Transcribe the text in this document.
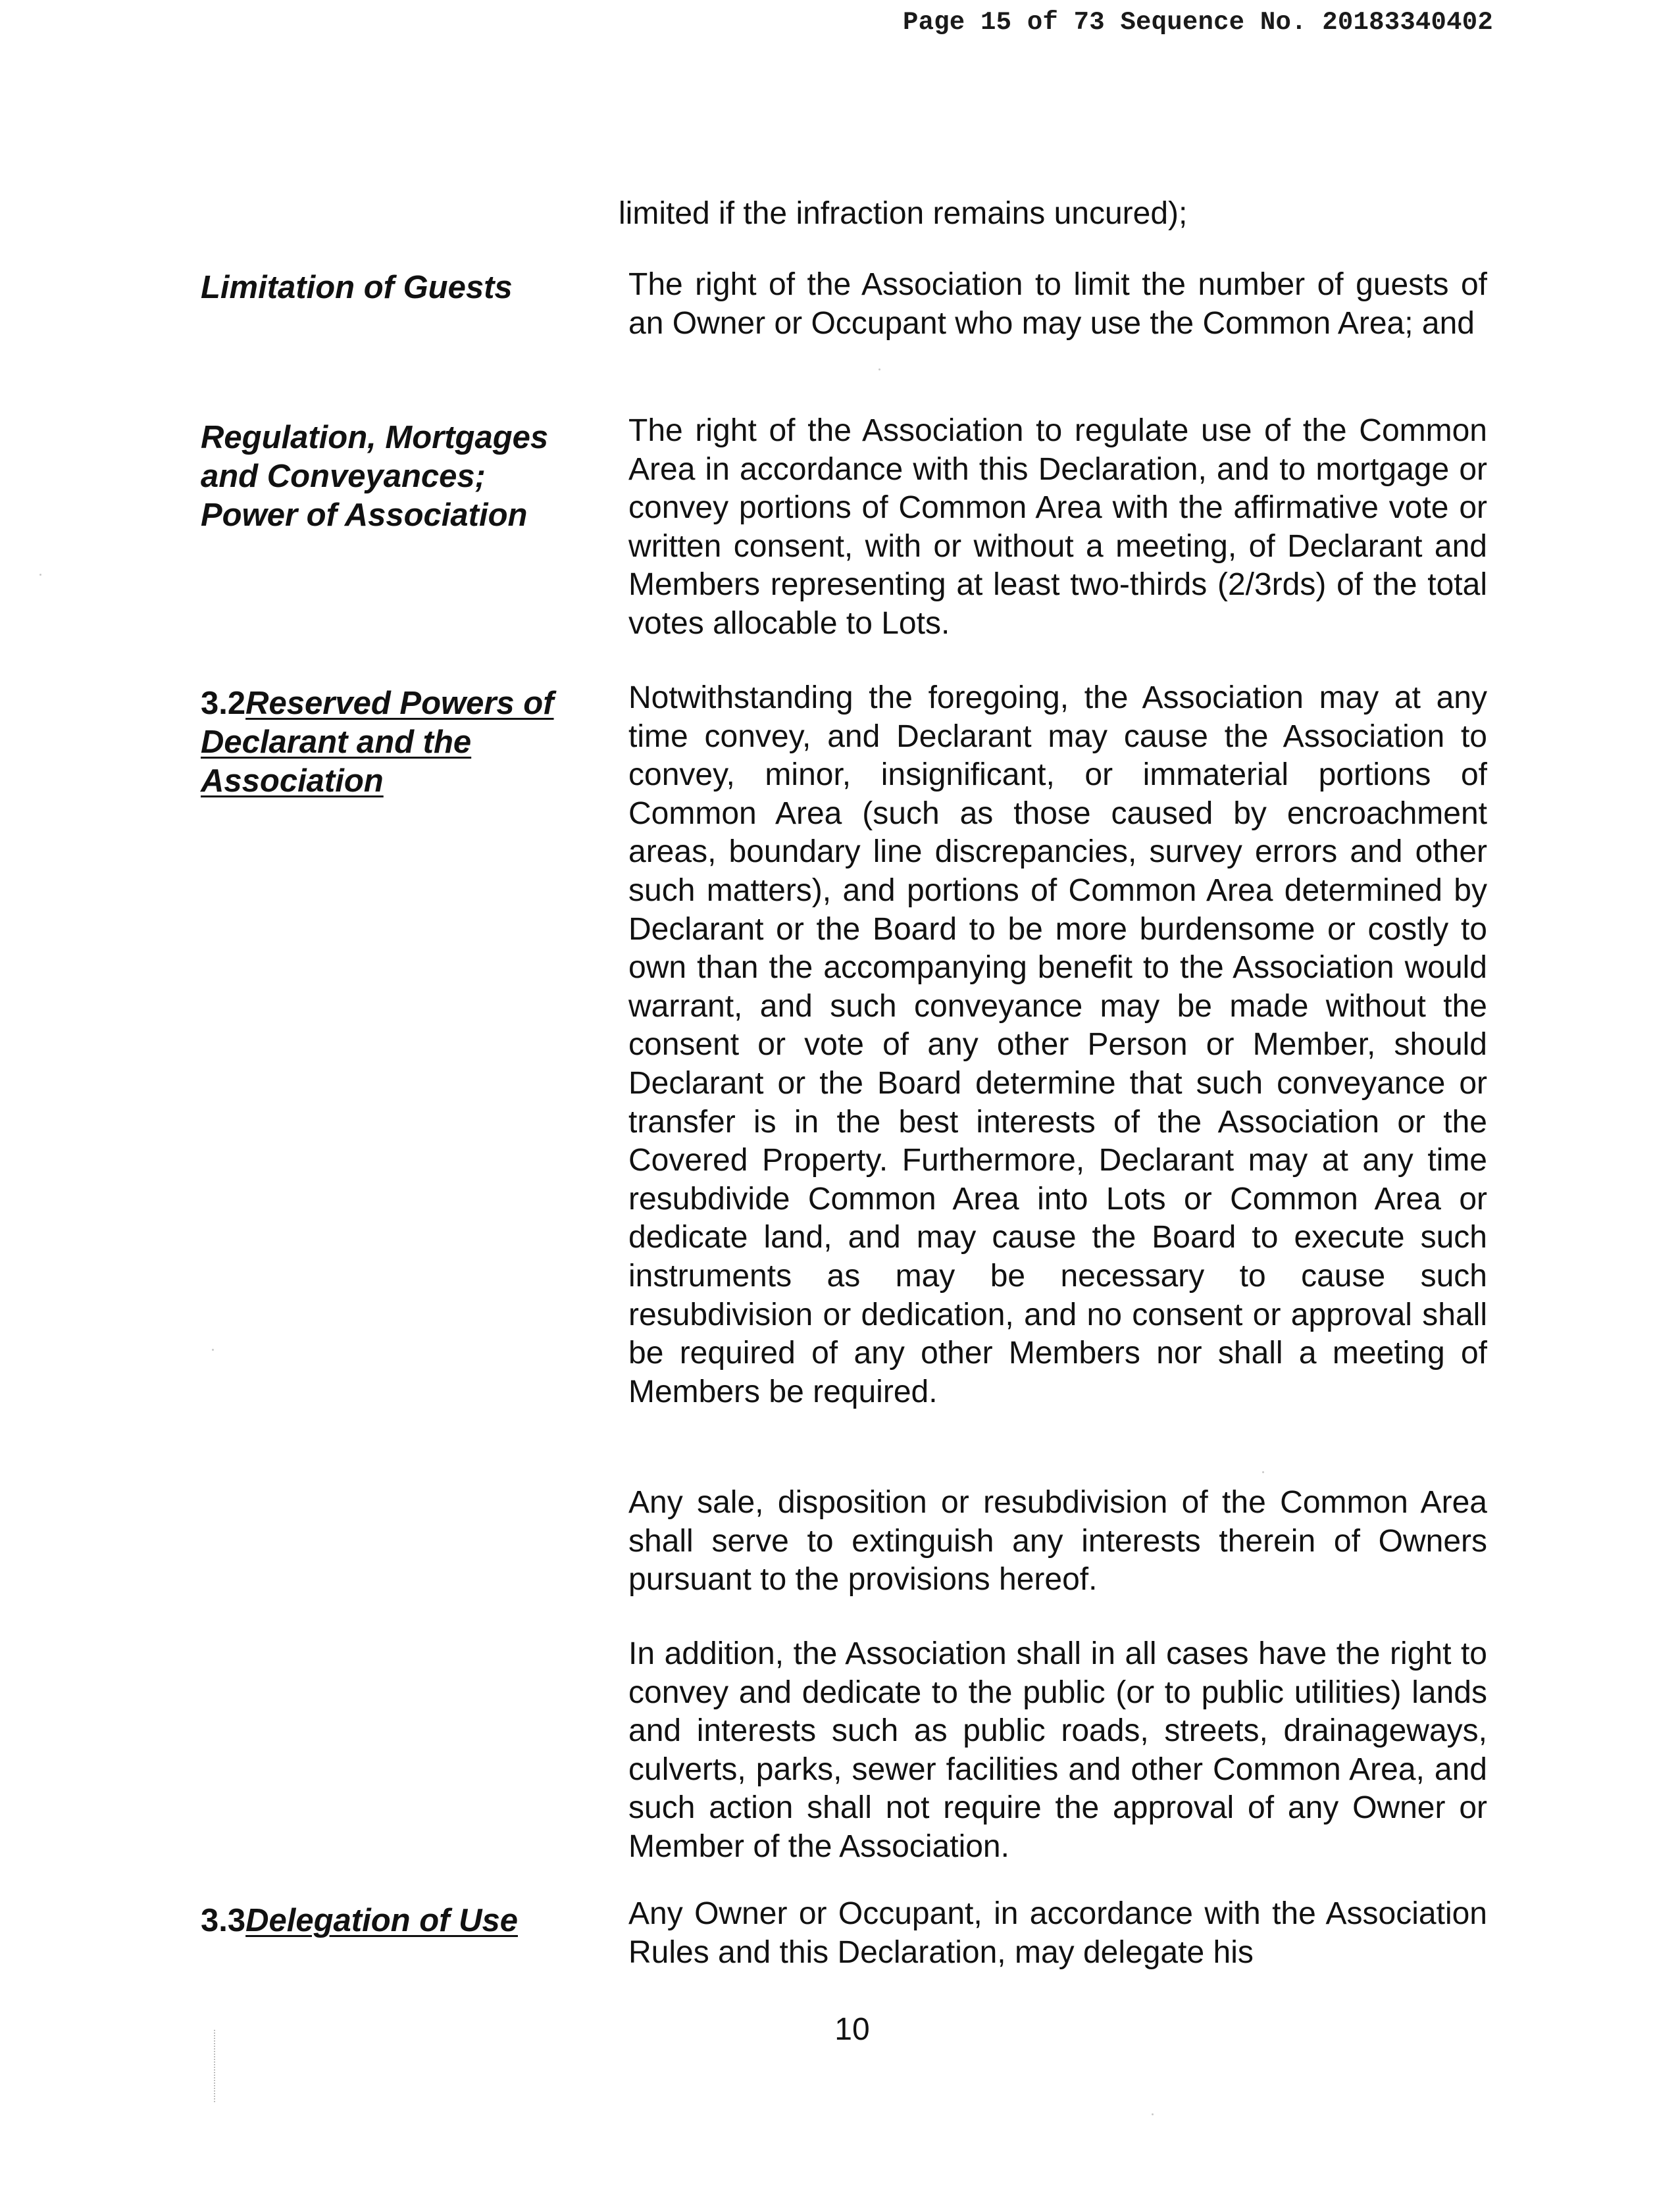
Page 15 of 73 Sequence No. 20183340402

limited if the infraction remains uncured);

Limitation of Guests	The right of the Association to limit the number of guests of an Owner or Occupant who may use the Common Area; and

Regulation, Mortgages and Conveyances; Power of Association

The right of the Association to regulate use of the Common Area in accordance with this Declaration, and to mortgage or convey portions of Common Area with the affirmative vote or written consent, with or without a meeting, of Declarant and Members representing at least two-thirds (2/3rds) of the total votes allocable to Lots.

3.2Reserved Powers of Declarant and the Association

Notwithstanding the foregoing, the Association may at any time convey, and Declarant may cause the Association to convey, minor, insignificant, or immaterial portions of Common Area (such as those caused by encroachment areas, boundary line discrepancies, survey errors and other such matters), and portions of Common Area determined by Declarant or the Board to be more burdensome or costly to own than the accompanying benefit to the Association would warrant, and such conveyance may be made without the consent or vote of any other Person or Member, should Declarant or the Board determine that such conveyance or transfer is in the best interests of the Association or the Covered Property. Furthermore, Declarant may at any time resubdivide Common Area into Lots or Common Area or dedicate land, and may cause the Board to execute such instruments as may be necessary to cause such resubdivision or dedication, and no consent or approval shall be required of any other Members nor shall a meeting of Members be required.

Any sale, disposition or resubdivision of the Common Area shall serve to extinguish any interests therein of Owners pursuant to the provisions hereof.

In addition, the Association shall in all cases have the right to convey and dedicate to the public (or to public utilities) lands and interests such as public roads, streets, drainageways, culverts, parks, sewer facilities and other Common Area, and such action shall not require the approval of any Owner or Member of the Association.

3.3Delegation of Use	Any Owner or Occupant, in accordance with the Association Rules and this Declaration, may delegate his

10
